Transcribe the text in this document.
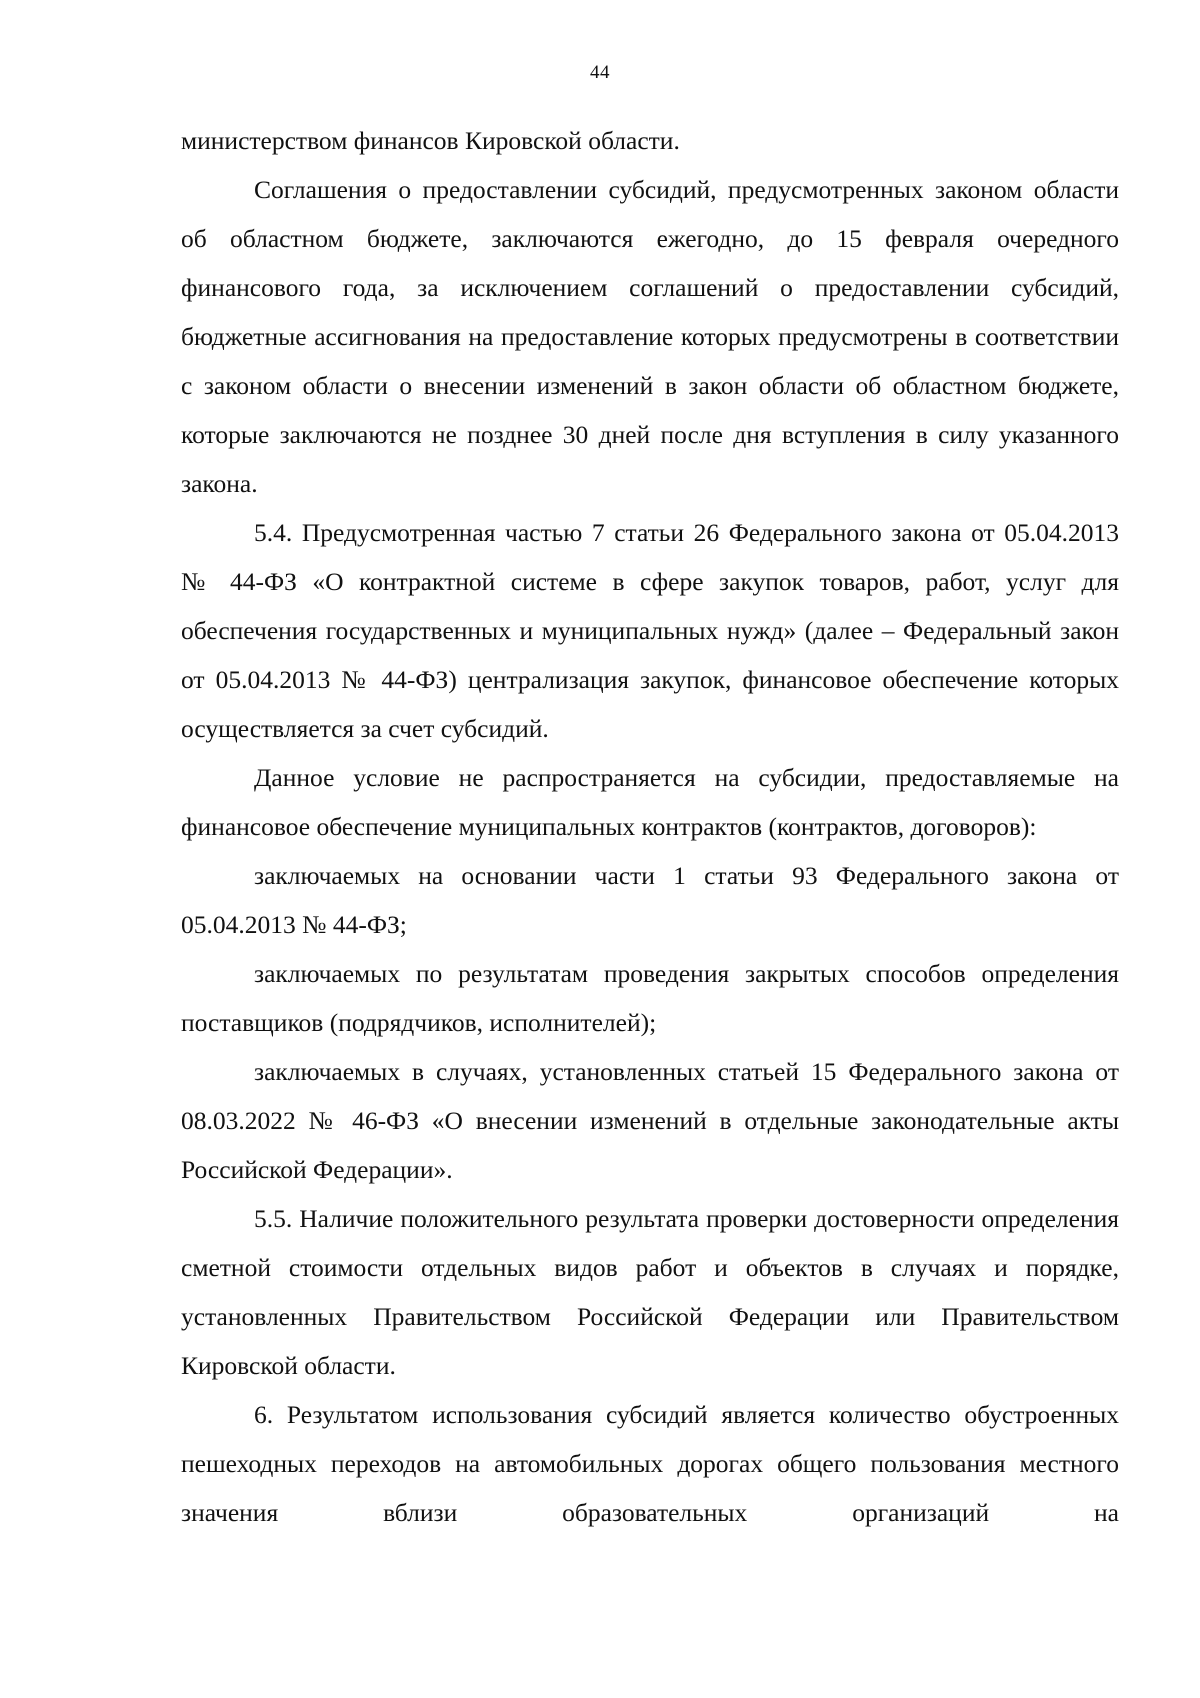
44

министерством финансов Кировской области.

Соглашения о предоставлении субсидий, предусмотренных законом области об областном бюджете, заключаются ежегодно, до 15 февраля очередного финансового года, за исключением соглашений о предоставлении субсидий, бюджетные ассигнования на предоставление которых предусмотрены в соответствии с законом области о внесении изменений в закон области об областном бюджете, которые заключаются не позднее 30 дней после дня вступления в силу указанного закона.

5.4. Предусмотренная частью 7 статьи 26 Федерального закона от 05.04.2013 № 44-ФЗ «О контрактной системе в сфере закупок товаров, работ, услуг для обеспечения государственных и муниципальных нужд» (далее – Федеральный закон от 05.04.2013 № 44-ФЗ) централизация закупок, финансовое обеспечение которых осуществляется за счет субсидий.

Данное условие не распространяется на субсидии, предоставляемые на финансовое обеспечение муниципальных контрактов (контрактов, договоров):

заключаемых на основании части 1 статьи 93 Федерального закона от 05.04.2013 № 44-ФЗ;

заключаемых по результатам проведения закрытых способов определения поставщиков (подрядчиков, исполнителей);

заключаемых в случаях, установленных статьей 15 Федерального закона от 08.03.2022 № 46-ФЗ «О внесении изменений в отдельные законодательные акты Российской Федерации».

5.5. Наличие положительного результата проверки достоверности определения сметной стоимости отдельных видов работ и объектов в случаях и порядке, установленных Правительством Российской Федерации или Правительством Кировской области.

6. Результатом использования субсидий является количество обустроенных пешеходных переходов на автомобильных дорогах общего пользования местного значения вблизи образовательных организаций на
